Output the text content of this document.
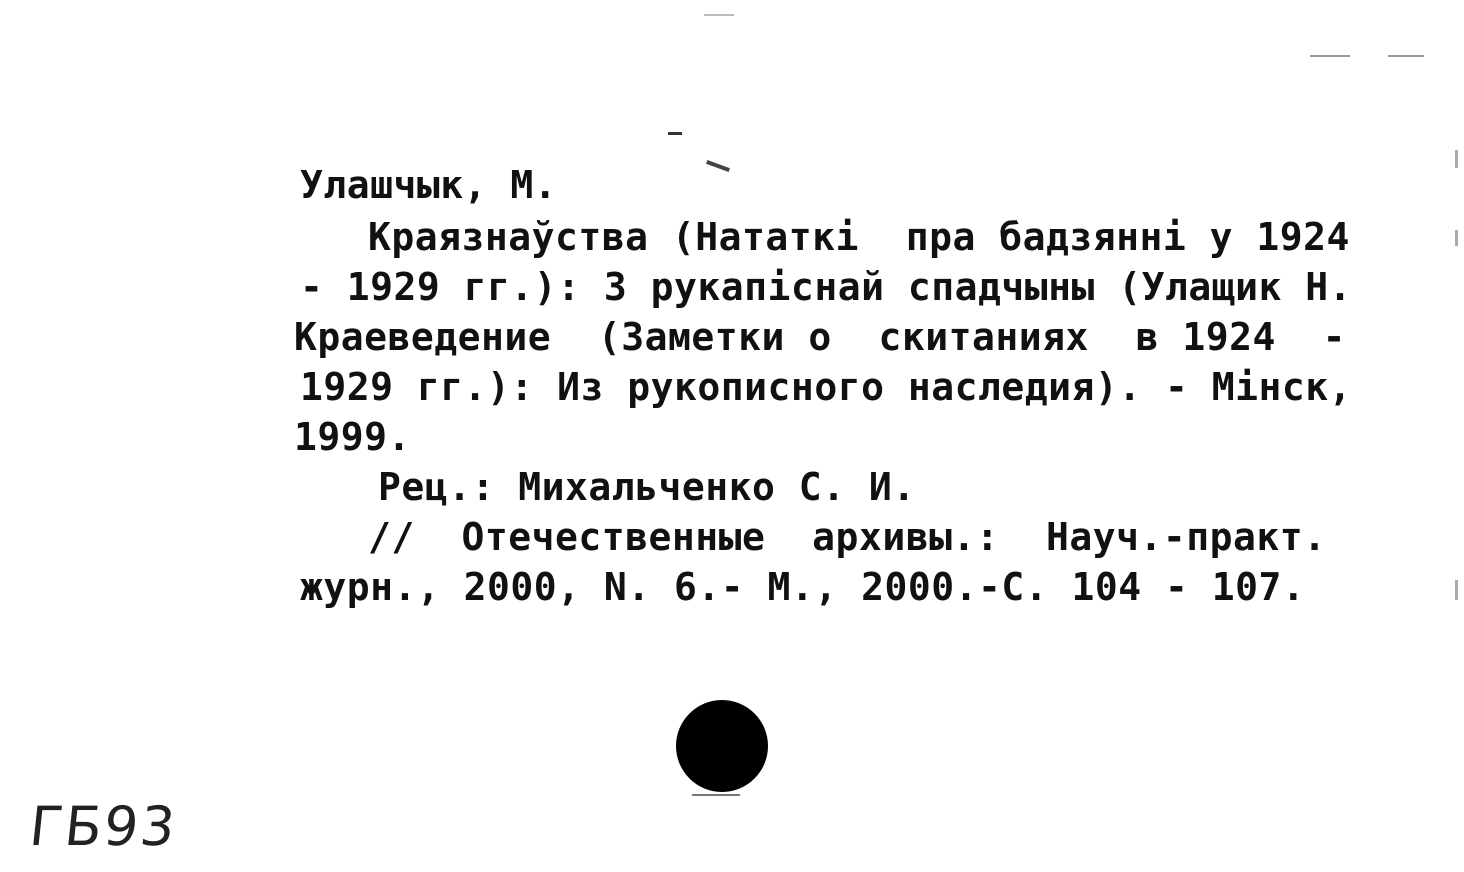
Улашчык, М.
Краязнаўства (Нататкі  пра бадзянні у 1924
- 1929 гг.): З рукапіснай спадчыны (Улащик Н.
Краеведение  (Заметки о  скитаниях  в 1924  -
1929 гг.): Из рукописного наследия). - Мінск,
1999.
Рец.: Михальченко С. И.
//  Отечественные  архивы.:  Науч.-практ.
журн., 2000, N. 6.- М., 2000.-С. 104 - 107.
ГБ93
